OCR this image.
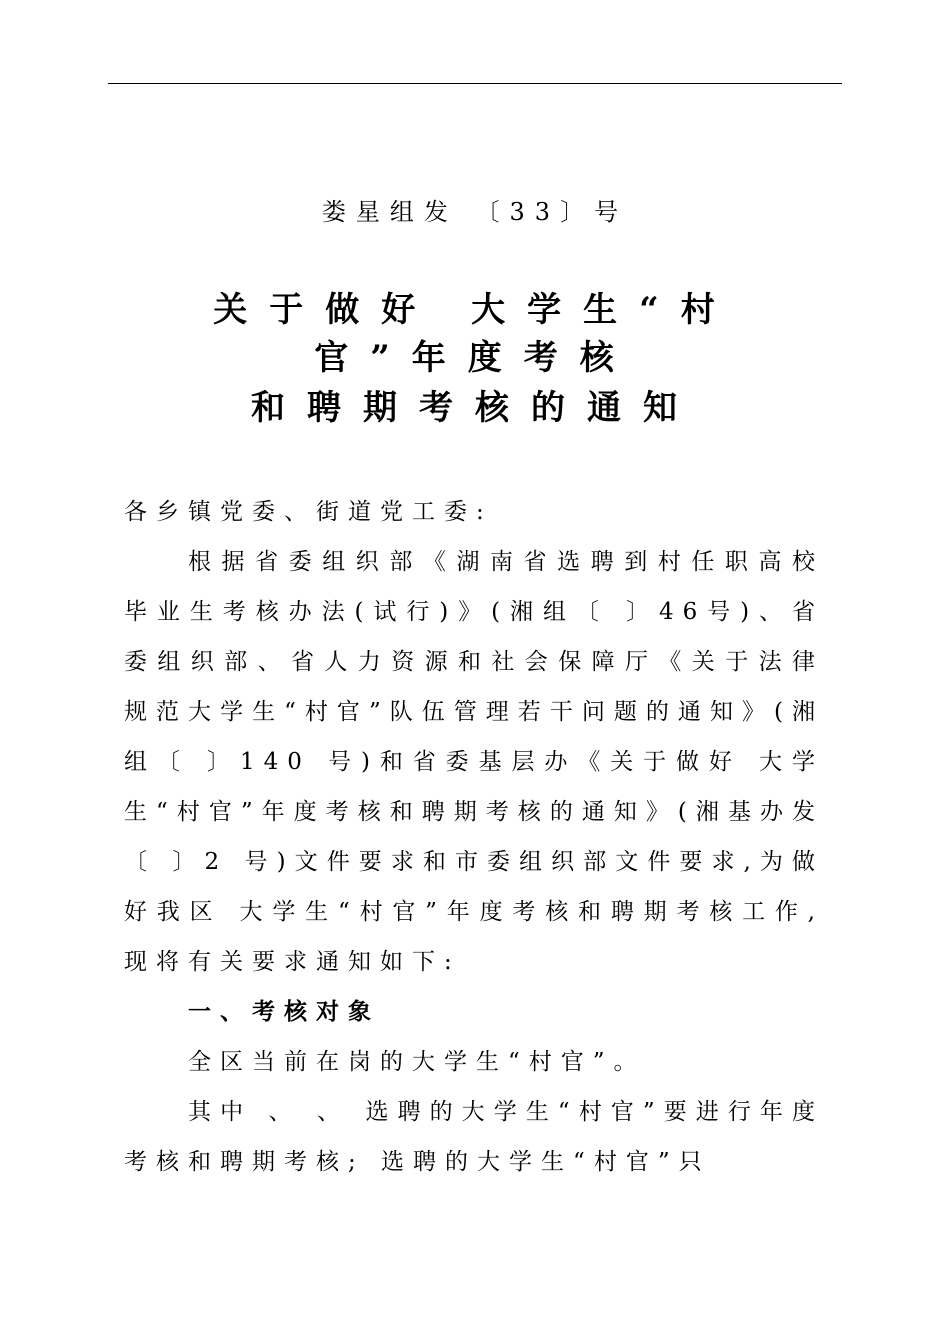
娄星组发 〔33〕号
关于做好 大学生“村
官”年度考核
和聘期考核的通知

各乡镇党委、街道党工委:

根据省委组织部《湖南省选聘到村任职高校毕业生考核办法(试行)》(湘组〔 〕46号)、省委组织部、省人力资源和社会保障厅《关于法律规范大学生“村官”队伍管理若干问题的通知》(湘组〔 〕140 号)和省委基层办《关于做好 大学生“村官”年度考核和聘期考核的通知》(湘基办发〔 〕2 号)文件要求和市委组织部文件要求,为做好我区 大学生“村官”年度考核和聘期考核工作,现将有关要求通知如下:

一、考核对象

全区当前在岗的大学生“村官”。

其中 、 、 选聘的大学生“村官”要进行年度考核和聘期考核; 选聘的大学生“村官”只
